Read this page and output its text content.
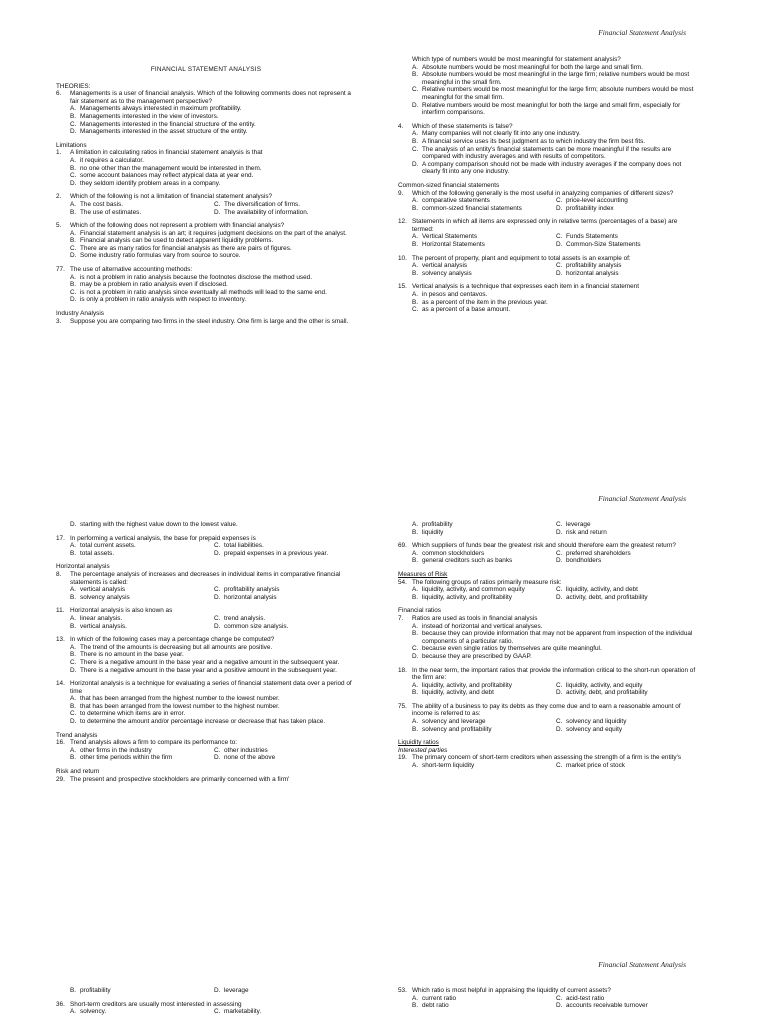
Financial Statement Analysis
FINANCIAL STATEMENT ANALYSIS
THEORIES:
6. Managements is a user of financial analysis. Which of the following comments does not represent a fair statement as to the management perspective?
A. Managements always interested in maximum profitability.
B. Managements interested in the view of investors.
C. Managements interested in the financial structure of the entity.
D. Managements interested in the asset structure of the entity.
Limitations
1. A limitation in calculating ratios in financial statement analysis is that
A. it requires a calculator.
B. no one other than the management would be interested in them.
C. some account balances may reflect atypical data at year end.
D. they seldom identify problem areas in a company.
2. Which of the following is not a limitation of financial statement analysis?
A. The cost basis.	C. The diversification of firms.
B. The use of estimates.	D. The availability of information.
5. Which of the following does not represent a problem with financial analysis?
A. Financial statement analysis is an art; it requires judgment decisions on the part of the analyst.
B. Financial analysis can be used to detect apparent liquidity problems.
C. There are as many ratios for financial analysis as there are pairs of figures.
D. Some industry ratio formulas vary from source to source.
77. The use of alternative accounting methods:
A. is not a problem in ratio analysis because the footnotes disclose the method used.
B. may be a problem in ratio analysis even if disclosed.
C. is not a problem in ratio analysis since eventually all methods will lead to the same end.
D. is only a problem in ratio analysis with respect to inventory.
Industry Analysis
3. Suppose you are comparing two firms in the steel industry. One firm is large and the other is small.
Which type of numbers would be most meaningful for statement analysis?
A. Absolute numbers would be most meaningful for both the large and small firm.
B. Absolute numbers would be most meaningful in the large firm; relative numbers would be most meaningful in the small firm.
C. Relative numbers would be most meaningful for the large firm; absolute numbers would be most meaningful for the small firm.
D. Relative numbers would be most meaningful for both the large and small firm, especially for interfirm comparisons.
4. Which of these statements is false?
A. Many companies will not clearly fit into any one industry.
B. A financial service uses its best judgment as to which industry the firm best fits.
C. The analysis of an entity's financial statements can be more meaningful if the results are compared with industry averages and with results of competitors.
D. A company comparison should not be made with industry averages if the company does not clearly fit into any one industry.
Common-sized financial statements
9. Which of the following generally is the most useful in analyzing companies of different sizes?
A. comparative statements	C. price-level accounting
B. common-sized financial statements	D. profitability index
12. Statements in which all items are expressed only in relative terms (percentages of a base) are termed:
A. Vertical Statements	C. Funds Statements
B. Horizontal Statements	D. Common-Size Statements
10. The percent of property, plant and equipment to total assets is an example of:
A. vertical analysis	C. profitability analysis
B. solvency analysis	D. horizontal analysis
15. Vertical analysis is a technique that expresses each item in a financial statement
A. in pesos and centavos.
B. as a percent of the item in the previous year.
C. as a percent of a base amount.
Financial Statement Analysis
D. starting with the highest value down to the lowest value.
17. In performing a vertical analysis, the base for prepaid expenses is
A. total current assets.	C. total liabilities.
B. total assets.	D. prepaid expenses in a previous year.
Horizontal analysis
8. The percentage analysis of increases and decreases in individual items in comparative financial statements is called:
A. vertical analysis	C. profitability analysis
B. solvency analysis	D. horizontal analysis
11. Horizontal analysis is also known as
A. linear analysis.	C. trend analysis.
B. vertical analysis.	D. common size analysis.
13. In which of the following cases may a percentage change be computed?
A. The trend of the amounts is decreasing but all amounts are positive.
B. There is no amount in the base year.
C. There is a negative amount in the base year and a negative amount in the subsequent year.
D. There is a negative amount in the base year and a positive amount in the subsequent year.
14. Horizontal analysis is a technique for evaluating a series of financial statement data over a period of time
A. that has been arranged from the highest number to the lowest number.
B. that has been arranged from the lowest number to the highest number.
C. to determine which items are in error.
D. to determine the amount and/or percentage increase or decrease that has taken place.
Trend analysis
16. Trend analysis allows a firm to compare its performance to:
A. other firms in the industry	C. other industries
B. other time periods within the firm	D. none of the above
Risk and return
29. The present and prospective stockholders are primarily concerned with a firm'
A. profitability	C. leverage
B. liquidity	D. risk and return
69. Which suppliers of funds bear the greatest risk and should therefore earn the greatest return?
A. common stockholders	C. preferred shareholders
B. general creditors such as banks	D. bondholders
Measures of Risk
54. The following groups of ratios primarily measure risk:
A. liquidity, activity, and common equity	C. liquidity, activity, and debt
B. liquidity, activity, and profitability	D. activity, debt, and profitability
Financial ratios
7. Ratios are used as tools in financial analysis
A. instead of horizontal and vertical analyses.
B. because they can provide information that may not be apparent from inspection of the individual components of a particular ratio.
C. because even single ratios by themselves are quite meaningful.
D. because they are prescribed by GAAP.
18. In the near term, the important ratios that provide the information critical to the short-run operation of the firm are:
A. liquidity, activity, and profitability	C. liquidity, activity, and equity
B. liquidity, activity, and debt	D. activity, debt, and profitability
75. The ability of a business to pay its debts as they come due and to earn a reasonable amount of income is referred to as:
A. solvency and leverage	C. solvency and liquidity
B. solvency and profitability	D. solvency and equity
Liquidity ratios
Interested parties
19. The primary concern of short-term creditors when assessing the strength of a firm is the entity's
A. short-term liquidity	C. market price of stock
Financial Statement Analysis
B. profitability	D. leverage
36. Short-term creditors are usually most interested in assessing
A. solvency.	C. marketability.
53. Which ratio is most helpful in appraising the liquidity of current assets?
A. current ratio	C. acid-test ratio
B. debt ratio	D. accounts receivable turnover
